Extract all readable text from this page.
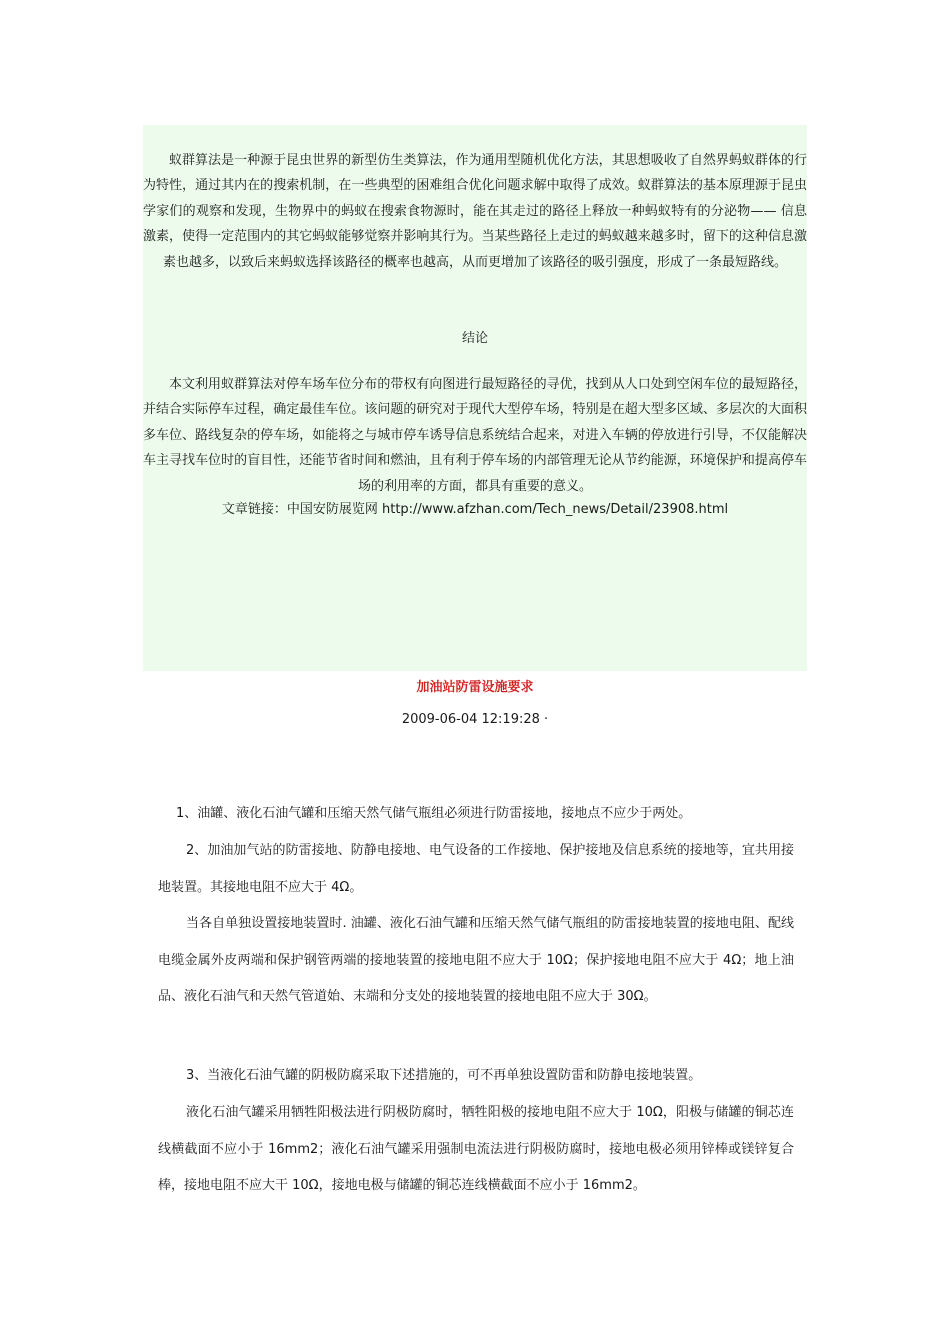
蚁群算法是一种源于昆虫世界的新型仿生类算法，作为通用型随机优化方法，其思想吸收了自然界蚂蚁群体的行为特性，通过其内在的搜索机制，在一些典型的困难组合优化问题求解中取得了成效。蚁群算法的基本原理源于昆虫学家们的观察和发现，生物界中的蚂蚁在搜索食物源时，能在其走过的路径上释放一种蚂蚁特有的分泌物—— 信息激素，使得一定范围内的其它蚂蚁能够觉察并影响其行为。当某些路径上走过的蚂蚁越来越多时，留下的这种信息激素也越多，以致后来蚂蚁选择该路径的概率也越高，从而更增加了该路径的吸引强度，形成了一条最短路线。

结论

本文利用蚁群算法对停车场车位分布的带权有向图进行最短路径的寻优，找到从人口处到空闲车位的最短路径，并结合实际停车过程，确定最佳车位。该问题的研究对于现代大型停车场，特别是在超大型多区域、多层次的大面积多车位、路线复杂的停车场，如能将之与城市停车诱导信息系统结合起来，对进入车辆的停放进行引导，不仅能解决车主寻找车位时的盲目性，还能节省时间和燃油，且有利于停车场的内部管理无论从节约能源，环境保护和提高停车场的利用率的方面，都具有重要的意义。

文章链接：中国安防展览网 http://www.afzhan.com/Tech_news/Detail/23908.html

加油站防雷设施要求

2009-06-04 12:19:28 ·

1、油罐、液化石油气罐和压缩天然气储气瓶组必须进行防雷接地，接地点不应少于两处。

2、加油加气站的防雷接地、防静电接地、电气设备的工作接地、保护接地及信息系统的接地等，宜共用接地装置。其接地电阻不应大于 4Ω。

当各自单独设置接地装置时. 油罐、液化石油气罐和压缩天然气储气瓶组的防雷接地装置的接地电阻、配线电缆金属外皮两端和保护钢管两端的接地装置的接地电阻不应大于 10Ω；保护接地电阻不应大于 4Ω；地上油品、液化石油气和天然气管道始、末端和分支处的接地装置的接地电阻不应大于 30Ω。

3、当液化石油气罐的阴极防腐采取下述措施的，可不再单独设置防雷和防静电接地装置。

液化石油气罐采用牺牲阳极法进行阴极防腐时，牺牲阳极的接地电阻不应大于 10Ω，阳极与储罐的铜芯连线横截面不应小于 16mm2；液化石油气罐采用强制电流法进行阴极防腐时，接地电极必须用锌棒或镁锌复合棒，接地电阻不应大干 10Ω，接地电极与储罐的铜芯连线横截面不应小于 16mm2。
